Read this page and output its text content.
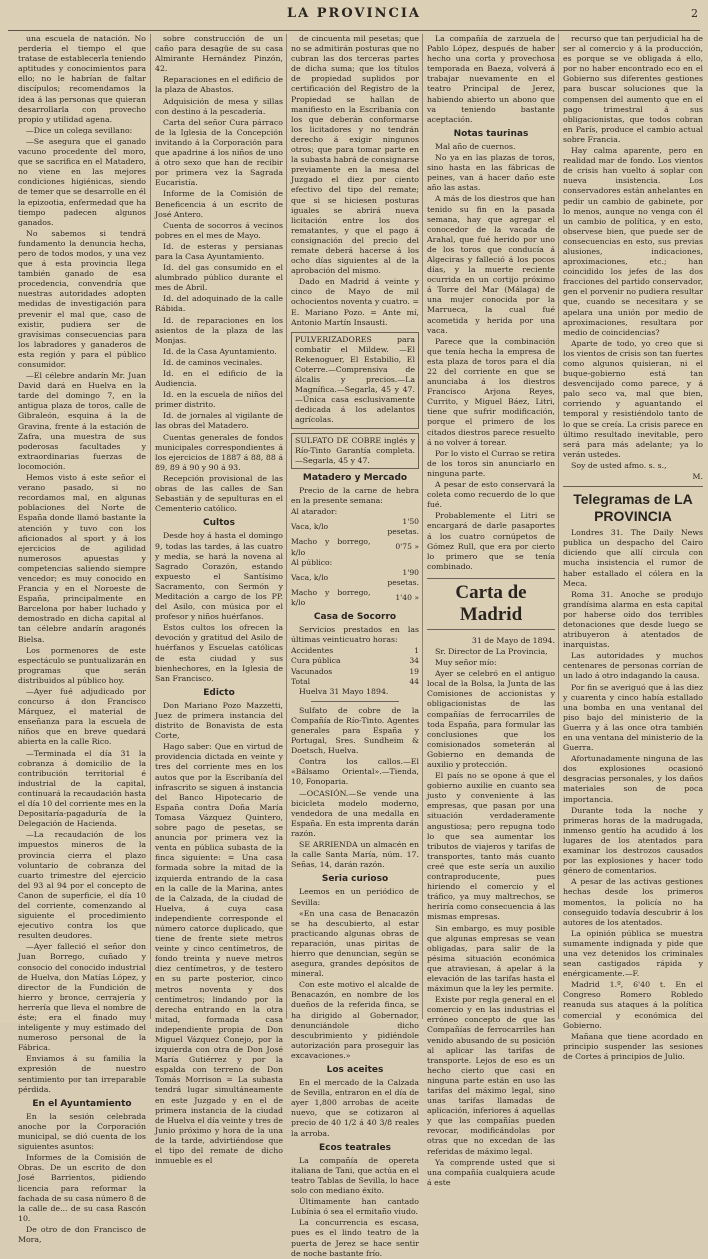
LA PROVINCIA	2

una escuela de natación. No perderia el tiempo el que tratase de establecerla teniendo aptitudes y conocimientos para ello; no le habrían de faltar discípulos; recomendamos la idea á las personas que quieran desarrollarla con provecho propio y utilidad agena.

—Dice un colega sevillano:

—Se asegura que el ganado vacuno procedente del moro, que se sacrifica en el Matadero, no viene en las mejores condiciones higiénicas, siendo de temer que se desarrolle en él la epizootia, enfermedad que ha tiempo padecen algunos ganados.

No sabemos si tendrá fundamento la denuncia hecha, pero de todos modos, y una vez que á esta provincia llega también ganado de esa procedencia, convendría que nuestras autoridades adopten medidas de investigación para prevenir el mal que, caso de existir, pudiera ser de gravísimas consecuencias para los labradores y ganaderos de esta región y para el público consumidor.

—El célebre andarín Mr. Juan David dará en Huelva en la tarde del domingo 7, en la antigua plaza de toros, calle de Gibraleón, esquina á la de Gravina, frente á la estación de Zafra, una muestra de sus poderosas facultades y extraordinarias fuerzas de locomoción.

Hemos visto á este señor el verano pasado, si no recordamos mal, en algunas poblaciones del Norte de España donde llamó bastante la atención y tuvo con los aficionados al sport y á los ejercicios de agilidad numerosos apuestas y competencias saliendo siempre vencedor; es muy conocido en Francia y en el Noroeste de España, principalmente en Barcelona por haber luchado y demostrado en dicha capital al tan célebre andarín aragonés Bielsa.

Los pormenores de este espectáculo se puntualizarán en programas que serán distribuidos al público hoy.

—Ayer fué adjudicado por concurso á don Francisco Márquez, el material de enseñanza para la escuela de niños que en breve quedará abierta en la calle Rico.

—Terminada el día 31 la cobranza á domicilio de la contribución territorial é industrial de la capital, continuará la recaudación hasta el día 10 del corriente mes en la Depositaría-pagaduría de la Delegación de Hacienda.

—La recaudación de los impuestos mineros de la provincia cierra el plazo voluntario de cobranza del cuarto trimestre del ejercicio del 93 al 94 por el concepto de Canon de superficie, el día 10 del corriente, comenzando al siguiente el procedimiento ejecutivo contra los que resulten deudores.

—Ayer falleció el señor don Juan Borrego, cuñado y consocio del conocido industrial de Huelva, don Matías López, y director de la Fundición de hierro y bronce, cerrajería y herrería que lleva el nombre de éste; era el finado muy inteligente y muy estimado del numeroso personal de la Fábrica.

Enviamos á su familia la expresión de nuestro sentimiento por tan irreparable pérdida.

En el Ayuntamiento

En la sesión celebrada anoche por la Corporación municipal, se dió cuenta de los siguientes asuntos:

Informes de la Comisión de Obras. De un escrito de don José Barrientos, pidiendo licencia para reformar la fachada de su casa número 8 de la calle de... de su casa Rascón 10.

De otro de don Francisco de Mora,

sobre construcción de un caño para desagüe de su casa Almirante Hernández Pinzón, 42.

Reparaciones en el edificio de la plaza de Abastos.

Adquisición de mesa y sillas con destino á la pescadería.

Carta del señor Cura párraco de la Iglesia de la Concepción invitando á la Corporación para que apadrine á los niños de uno á otro sexo que han de recibir por primera vez la Sagrada Eucaristía.

Informe de la Comisión de Beneficencia á un escrito de José Antero.

Cuenta de socorros á vecinos pobres en el mes de Mayo.

Id. de esteras y persianas para la Casa Ayuntamiento.

Id. del gas consumido en el alumbrado público durante el mes de Abril.

Id. del adoquinado de la calle Rábida.

Id. de reparaciones en los asientos de la plaza de las Monjas.

Id. de la Casa Ayuntamiento.

Id. de caminos vecinales.

Id. en el edificio de la Audiencia.

Id. en la escuela de niños del primer distrito.

Id. de jornales al vigilante de las obras del Matadero.

Cuentas generales de fondos municipales correspondientes á los ejercicios de 1887 á 88, 88 á 89, 89 á 90 y 90 á 93.

Recepción provisional de las obras de las calles de San Sebastián y de sepulturas en el Cementerio católico.

Cultos

Desde hoy á hasta el domingo 9, todas las tardes, á las cuatro y media, se hará la novena al Sagrado Corazón, estando expuesto el Santísimo Sacramento, con Sermón y Meditación a cargo de los PP. del Asilo, con música por el profesor y niños huérfanos.

Estos cultos los ofrecen la devoción y gratitud del Asilo de huérfanos y Escuelas católicas de esta ciudad y sus bienhechores, en la Iglesia de San Francisco.

Edicto

Don Mariano Pozo Mazzetti, Juez de primera instancia del distrito de Bonavista de esta Corte,

Hago saber: Que en virtud de providencia dictada en veinte y tres del corriente mes en los autos que por la Escribanía del infrascrito se siguen á instancia del Banco Hipotecario de España contra Doña María Tomasa Vázquez Quintero, sobre pago de pesetas, se anuncia por primera vez la venta en pública subasta de la finca siguiente: = Una casa formada sobre la mitad de la izquierda entrando de la casa en la calle de la Marina, antes de la Calzada, de la ciudad de Huelva, á cuya casa independiente corresponde el número catorce duplicado, que tiene de frente siete metros veinte y cinco centímetros, de fondo treinta y nueve metros diez centímetros, y de testero en su parte posterior, cinco metros noventa y dos centímetros; lindando por la derecha entrando en la otra mitad, formada casa independiente propia de Don Miguel Vázquez Conejo, por la izquierda con otra de Don José María Gutiérrez y por la espalda con terreno de Don Tomás Morrison = La subasta tendrá lugar simultáneamente en este Juzgado y en el de primera instancia de la ciudad de Huelva el día veinte y tres de Junio próximo y hora de la una de la tarde, advirtiéndose que el tipo del remate de dicho inmueble es el

de cincuenta mil pesetas; que no se admitirán posturas que no cubran las dos terceras partes de dicha suma; que los títulos de propiedad suplidos por certificación del Registro de la Propiedad se hallan de manifiesto en la Escribanía con los que deberán conformarse los licitadores y no tendrán derecho á exigir ningunos otros; que para tomar parte en la subasta habrá de consignarse previamente en la mesa del Juzgado el diez por ciento efectivo del tipo del remate; que si se hiciesen posturas iguales se abrirá nueva licitación entre los dos rematantes, y que el pago á consignación del precio del remate deberá hacerse á los ocho días siguientes al de la aprobación del mismo.

Dado en Madrid á veinte y cinco de Mayo de mil ochocientos noventa y cuatro. = E. Mariano Pozo. = Ante mí, Antonio Martín Insausti.

PULVERIZADORES para combatir el Mildew. —El Rekenoguer, El Estabilio, El Coterre.—Comprensiva de álcalis y precios.—La Magnífica.—Segarla, 45 y 47.—Única casa esclusivamente dedicada á los adelantos agrícolas.
SULFATO DE COBRE inglés y Río-Tinto Garantía completa.—Segarla, 45 y 47.
Matadero y Mercado

Precio de la carne de hebra en la presente semana:

Al atarador:	
Vaca, k/lo	1'50 pesetas.
Macho y borrego, k/lo	0'75 »
Al público:	
Vaca, k/lo	1'90 pesetas.
Macho y borrego, k/lo	1'40 »
Casa de Socorro

Servicios prestados en las últimas veinticuatro horas:

Accidentes	1
Cura pública	34
Vacunados	19
Total	44

Huelva 31 Mayo 1894.

Sulfato de cobre de la Compañía de Río-Tinto. Agentes generales para España y Portugal, Sres. Sundheim & Doetsch, Huelva.

Contra los callos.—El «Bálsamo Oriental».—Tienda, 10, Fonoparia.

—OCASIÓN.—Se vende una bicicleta modelo moderno, vendedora de una medalla en España. En esta imprenta darán razón.

SE ARRIENDA un almacén en la calle Santa María, núm. 17. Señas, 14, darán razón.

Seria curioso

Leemos en un periódico de Sevilla:

«En una casa de Benacazón se ha descubierto, al estar practicando algunas obras de reparación, unas piritas de hierro que denuncian, según se asegura, grandes depósitos de mineral.

Con este motivo el alcalde de Benacazón, en nombre de los dueños de la referida finca, se ha dirigido al Gobernador, denunciándole dicho descubrimiento y pidiéndole autorización para proseguir las excavaciones.»

Los aceites

En el mercado de la Calzada de Sevilla, entraron en el día de ayer 1,800 arrobas de aceite nuevo, que se cotizaron al precio de 40 1/2 á 40 3/8 reales la arroba.

Ecos teatrales

La compañía de opereta italiana de Tani, que actúa en el teatro Tablas de Sevilla, lo hace solo con mediano éxito.

Últimamente han cantado Lubínia ó sea el ermitaño viudo.

La concurrencia es escasa, pues es el lindo teatro de la puerta de Jerez se hace sentir de noche bastante frío.

La compañía de zarzuela de Pablo López, después de haber hecho una corta y provechosa temporada en Baeza, volverá á trabajar nuevamente en el teatro Principal de Jerez, habiendo abierto un abono que va teniendo bastante aceptación.

Notas taurinas

Mal año de cuernos.

No ya en las plazas de toros, sino hasta en las fábricas de peines, van á hacer daño este año las astas.

A más de los diestros que han tenido su fin en la pasada semana, hay que agregar el conocedor de la vacada de Arahal, que fué herido por uno de los toros que conducía á Algeciras y falleció á los pocos días, y la muerte reciente ocurrida en un cortijo próximo á Torre del Mar (Málaga) de una mujer conocida por la Marrueca, la cual fué acometida y herida por una vaca.

Parece que la combinación que tenía hecha la empresa de esta plaza de toros para el día 22 del corriente en que se anunciaba á los diestros Francisco Arjona Reyes, Currito, y Miguel Báez, Litri, tiene que sufrir modificación, porque el primero de los citados diestros parece resuelto á no volver á torear.

Por lo visto el Currao se retira de los toros sin anunciarlo en ninguna parte.

A pesar de esto conservará la coleta como recuerdo de lo que fué.

Probablemente el Litri se encargará de darle pasaportes á los cuatro cornúpetos de Gómez Rull, que era por cierto lo primero que se tenía combinado.

Carta de Madrid

31 de Mayo de 1894.

Sr. Director de La Provincia,

Muy señor mío:

Ayer se celebró en el antiguo local de la Bolsa, la Junta de las Comisiones de accionistas y obligacionistas de las compañías de ferrocarriles de toda España, para formular las conclusiones que los comisionados someterán al Gobierno en demanda de auxilio y protección.

El país no se opone á que el gobierno auxilie en cuanto sea justo y conveniente á las empresas, que pasan por una situación verdaderamente angustiosa; pero repugna todo lo que sea aumentar los tributos de viajeros y tarifas de transportes, tanto más cuanto creé que este sería un auxilio contraproducente, pues hiriendo el comercio y el tráfico, ya muy maltrechos, se heriría como consecuencia á las mismas empresas.

Sin embargo, es muy posible que algunas empresas se vean obligadas, para salir de la pésima situación económica que atraviesan, á apelar á la elevación de las tarifas hasta el máximun que la ley les permite.

Existe por regla general en el comercio y en las industrias el erróneo concepto de que las Compañías de ferrocarriles han venido abusando de su posición al aplicar las tarifas de transporte. Lejos de eso es un hecho cierto que casi en ninguna parte están en uso las tarifas del máximo legal, sino unas tarifas llamadas de aplicación, inferiores á aquellas y que las compañías pueden revocar, modificándolas por otras que no excedan de las referidas de máximo legal.

Ya comprende usted que si una compañía cualquiera acude á este

recurso que tan perjudicial ha de ser al comercio y á la producción, es porque se ve obligada á ello, por no haber encontrado eco en el Gobierno sus diferentes gestiones para buscar soluciones que la compensen del aumento que en el pago trimestral á sus obligacionistas, que todos cobran en París, produce el cambio actual sobre Francia.

Hay calma aparente, pero en realidad mar de fondo. Los vientos de crisis han vuelto á soplar con nueva insistencia. Los conservadores están anhelantes en pedir un cambio de gabinete, por lo menos, aunque no venga con él un cambio de política, y en esto, observese bien, que puede ser de consecuencias en esto, sus previas alusiones, indicaciones, aproximaciones, etc.; han coincidido los jefes de las dos fracciones del partido conservador, gen el porvenir no pudiera resultar que, cuando se necesitara y se apelara una unión por medio de aproximaciones, resultara por medio de coincidencias?

Aparte de todo, yo creo que si los vientos de crisis son tan fuertes como algunos quisieran, ni el buque-gobierno está tan desvencijado como parece, y á palo seco va, mal que bien, corriendo y aguantando el temporal y resistiéndolo tanto de lo que se creía. La crisis parece en último resultado inevitable, pero será para más adelante; ya lo verán ustedes.

Soy de usted afmo. s. s.,

M.

Telegramas de LA PROVINCIA

Londres 31. The Daily News publica un despacho del Cairo diciendo que allí circula con mucha insistencia el rumor de haber estallado el cólera en la Meca.

Roma 31. Anoche se produjo grandísima alarma en esta capital por haberse oído dos terribles detonaciones que desde luego se atribuyeron á atentados de inarquistas.

Las autoridades y muchos centenares de personas corrían de un lado á otro indagando la causa.

Por fin se averiguó que á las diez y cuarenta y cinco había estallado una bomba en una ventanal del piso bajo del ministerio de la Guerra y á las once otra también en una ventana del ministerio de la Guerra.

Afortunadamente ninguna de las dos explosiones ocasionó desgracias personales, y los daños materiales son de poca importancia.

Durante toda la noche y primeras horas de la madrugada, inmenso gentío ha acudido á los lugares de los atentados para examinar los destrozos causados por las explosiones y hacer todo género de comentarios.

A pesar de las activas gestiones hechas desde los primeros momentos, la policía no ha conseguido todavía descubrir á los autores de los atentados.

La opinión pública se muestra sumamente indignada y pide que una vez detenidos los criminales sean castigados rápida y enérgicamente.—F.

Madrid 1.º, 6'40 t. En el Congreso Romero Robledo reanuda sus ataques á la política comercial y económica del Gobierno.

Mañana que tiene acordado en principio suspender las sesiones de Cortes á principios de Julio.
